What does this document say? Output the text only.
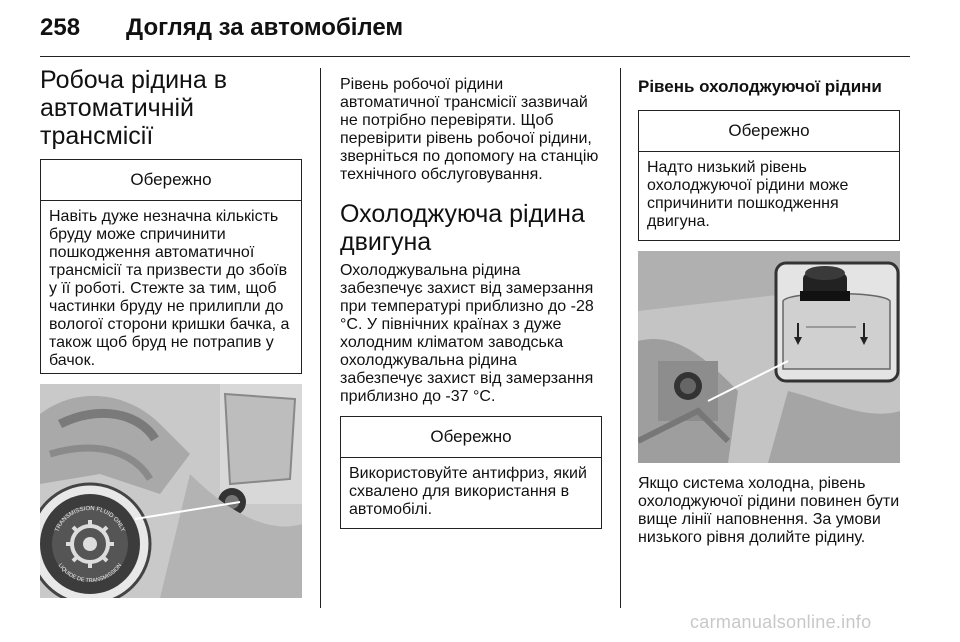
258 Догляд за автомобілем
Робоча рідина в
автоматичній трансмісії
Обережно
Навіть дуже незначна кількість бруду може спричинити пошкодження автоматичної трансмісії та призвести до збоїв у її роботі. Стежте за тим, щоб частинки бруду не прилипли до вологої сторони кришки бачка, а також щоб бруд не потрапив у бачок.
TRANSMISSION FLUID ONLY
LIQUIDE DE TRANSMISSION

Рівень робочої рідини автоматичної трансмісії зазвичай не потрібно перевіряти. Щоб перевірити рівень робочої рідини, зверніться по допомогу на станцію технічного обслуговування.

Охолоджуюча рідина
двигуна

Охолоджувальна рідина забезпечує захист від замерзання при температурі приблизно до -28 °C. У північних країнах з дуже холодним кліматом заводська охолоджувальна рідина забезпечує захист від замерзання приблизно до -37 °C.

Обережно
Використовуйте антифриз, який схвалено для використання в автомобілі.
Рівень охолоджуючої рідини
Обережно
Надто низький рівень охолоджуючої рідини може спричинити пошкодження двигуна.

Якщо система холодна, рівень охолоджуючої рідини повинен бути вище лінії наповнення. За умови низького рівня долийте рідину.

carmanualsonline.info
